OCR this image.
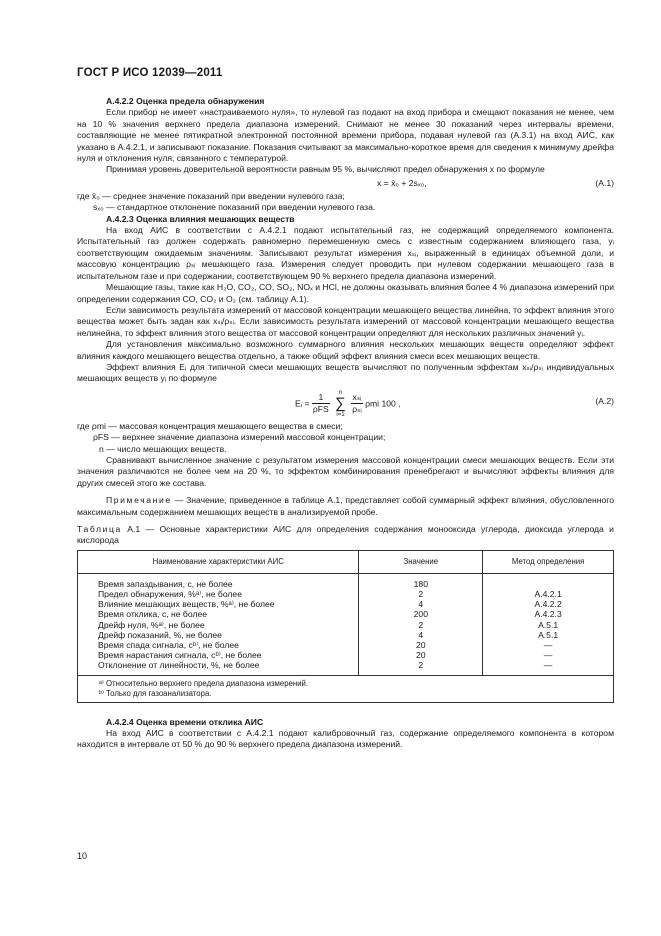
ГОСТ Р ИСО 12039—2011

А.4.2.2 Оценка предела обнаружения

Если прибор не имеет «настраиваемого нуля», то нулевой газ подают на вход прибора и смещают показания не менее, чем на 10 % значения верхнего предела диапазона измерений. Снимают не менее 30 показаний через интервалы времени, составляющие не менее пятикратной электронной постоянной времени прибора, подавая нулевой газ (А.3.1) на вход АИС, как указано в А.4.2.1, и записывают показание. Показания считывают за максимально-короткое время для сведения к минимуму дрейфа нуля и отклонения нуля, связанного с температурой.

Принимая уровень доверительной вероятности равным 95 %, вычисляют предел обнаружения x по формуле

x = x̄₀ + 2sₓ₀,	(А.1)
где x̄₀ — среднее значение показаний при введении нулевого газа;
sₓ₀ — стандартное отклонение показаний при введении нулевого газа.

А.4.2.3 Оценка влияния мешающих веществ

На вход АИС в соответствии с А.4.2.1 подают испытательный газ, не содержащий определяемого компонента. Испытательный газ должен содержать равномерно перемешенную смесь с известным содержанием влияющего газа, yᵢ соответствующим ожидаемым значениям. Записывают результат измерения xₛᵢ, выраженный в единицах объемной доли, и массовую концентрацию ρₛᵢ мешающего газа. Измерения следует проводить при нулевом содержании мешающего газа в испытательном газе и при содержании, соответствующем 90 % верхнего предела диапазона измерений.

Мешающие газы, такие как H₂O, CO₂, CO, SO₂, NOₓ и HCl, не должны оказывать влияния более 4 % диапазона измерений при определении содержания CO, CO₂ и O₂ (см. таблицу А.1).

Если зависимость результата измерений от массовой концентрации мешающего вещества линейна, то эффект влияния этого вещества может быть задан как xₛᵢ/ρₛᵢ. Если зависимость результата измерений от массовой концентрации мешающего вещества нелинейна, то эффект влияния этого вещества от массовой концентрации определяют для нескольких различных значений yᵢ.

Для установления максимально возможного суммарного влияния нескольких мешающих веществ определяют эффект влияния каждого мешающего вещества отдельно, а также общий эффект влияния смеси всех мешающих веществ.

Эффект влияния Eᵢ для типичной смеси мешающих веществ вычисляют по полученным эффектам xₛᵢ/ρₛᵢ индивидуальных мешающих веществ yᵢ по формуле

Eᵢ = $\frac{1}{\text{ρFS}}$
	n
∑
i=1
$\frac{\text{xₛᵢ}}{\text{ρₛᵢ}}$ ρmi 100 ,	(А.2)
где ρmi — массовая концентрация мешающего вещества в смеси;
ρFS — верхнее значение диапазона измерений массовой концентрации;
n — число мешающих веществ.

Сравнивают вычисленное значение с результатом измерения массовой концентрации смеси мешающих веществ. Если эти значения различаются не более чем на 20 %, то эффектом комбинирования пренебрегают и вычисляют эффекты влияния для других смесей этого же состава.

Примечание — Значение, приведенное в таблице А.1, представляет собой суммарный эффект влияния, обусловленного максимальным содержанием мешающих веществ в анализируемой пробе.

Таблица А.1 — Основные характеристики АИС для определения содержания монооксида углерода, диоксида углерода и кислорода

Наименование характеристики АИС	Значение	Метод определения
Время запаздывания, с, не более	180	
Предел обнаружения, %ᵃ⁾, не более	2	А.4.2.1
Влияние мешающих веществ, %ᵃ⁾, не более	4	А.4.2.2
Время отклика, с, не более	200	А.4.2.3
Дрейф нуля, %ᵃ⁾, не более	2	А.5.1
Дрейф показаний, %, не более	4	А.5.1
Время спада сигнала, сᵇ⁾, не более	20	—
Время нарастания сигнала, сᵇ⁾, не более	20	—
Отклонение от линейности, %, не более	2	—

ᵃ⁾ Относительно верхнего предела диапазона измерений.
ᵇ⁾ Только для газоанализатора.		

А.4.2.4 Оценка времени отклика АИС

На вход АИС в соответствии с А.4.2.1 подают калибровочный газ, содержание определяемого компонента в котором находится в интервале от 50 % до 90 % верхнего предела диапазона измерений.

10
